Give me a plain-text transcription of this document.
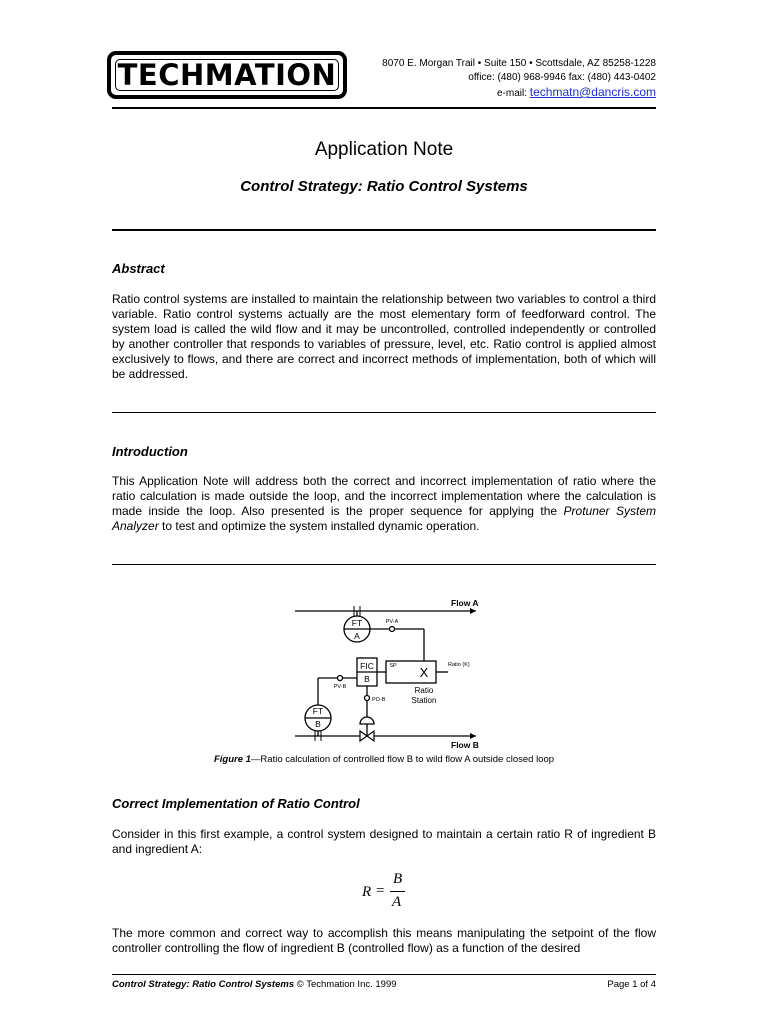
TECHMATION	8070 E. Morgan Trail • Suite 150 • Scottsdale, AZ 85258-1228
office: (480) 968-9946 fax: (480) 443-0402
e-mail: techmatn@dancris.com
Application Note
Control Strategy: Ratio Control Systems
Abstract
Ratio control systems are installed to maintain the relationship between two variables to control a third variable. Ratio control systems actually are the most elementary form of feedforward control. The system load is called the wild flow and it may be uncontrolled, controlled independently or controlled by another controller that responds to variables of pressure, level, etc. Ratio control is applied almost exclusively to flows, and there are correct and incorrect methods of implementation, both of which will be addressed.
Introduction
This Application Note will address both the correct and incorrect implementation of ratio where the ratio calculation is made outside the loop, and the incorrect implementation where the calculation is made inside the loop. Also presented is the proper sequence for applying the Protuner System Analyzer to test and optimize the system installed dynamic operation.
Flow A
Flow B
FT
A
PV-A
FIC
B
SP X	Ratio (K)
Ratio
Station
PV-B
PO-B
FT
B
Figure 1—Ratio calculation of controlled flow B to wild flow A outside closed loop
Correct Implementation of Ratio Control
Consider in this first example, a control system designed to maintain a certain ratio R of ingredient B and ingredient A:
R =
B
A
The more common and correct way to accomplish this means manipulating the setpoint of the flow controller controlling the flow of ingredient B (controlled flow) as a function of the desired
Control Strategy: Ratio Control Systems © Techmation Inc. 1999	Page 1 of 4
